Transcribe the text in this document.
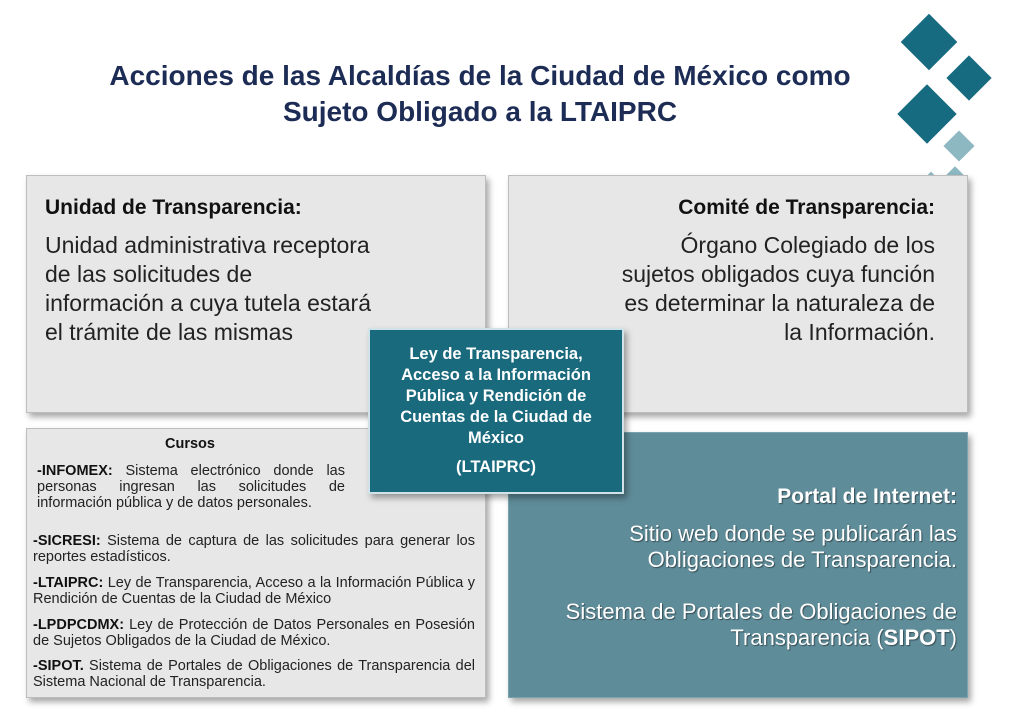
Acciones de las Alcaldías de la Ciudad de México como
Sujeto Obligado a la LTAIPRC
Unidad de Transparencia:
Unidad administrativa receptora de las solicitudes de información a cuya tutela estará el trámite de las mismas
Comité de Transparencia:
Órgano Colegiado de los sujetos obligados cuya función es determinar la naturaleza de la Información.
Cursos
-INFOMEX: Sistema electrónico donde las personas ingresan las solicitudes de información pública y de datos personales.
-SICRESI: Sistema de captura de las solicitudes para generar los reportes estadísticos.
-LTAIPRC: Ley de Transparencia, Acceso a la Información Pública y Rendición de Cuentas de la Ciudad de México
-LPDPCDMX: Ley de Protección de Datos Personales en Posesión de Sujetos Obligados de la Ciudad de México.
-SIPOT. Sistema de Portales de Obligaciones de Transparencia del Sistema Nacional de Transparencia.
Portal de Internet:
Sitio web donde se publicarán las Obligaciones de Transparencia.
Sistema de Portales de Obligaciones de Transparencia (SIPOT)
Ley de Transparencia, Acceso a la Información Pública y Rendición de Cuentas de la Ciudad de México
(LTAIPRC)
